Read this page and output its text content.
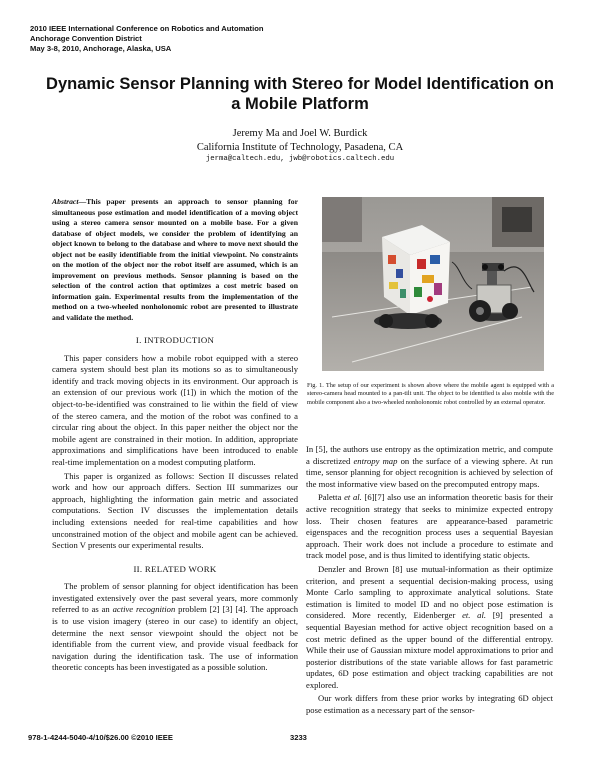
2010 IEEE International Conference on Robotics and Automation
Anchorage Convention District
May 3-8, 2010, Anchorage, Alaska, USA
Dynamic Sensor Planning with Stereo for Model Identification on a Mobile Platform
Jeremy Ma and Joel W. Burdick
California Institute of Technology, Pasadena, CA
jerma@caltech.edu, jwb@robotics.caltech.edu
Abstract—This paper presents an approach to sensor planning for simultaneous pose estimation and model identification of a moving object using a stereo camera sensor mounted on a mobile base. For a given database of object models, we consider the problem of identifying an object known to belong to the database and where to move next should the object not be easily identifiable from the initial viewpoint. No constraints on the motion of the object nor the robot itself are assumed, which is an improvement on previous methods. Sensor planning is based on the selection of the control action that optimizes a cost metric based on information gain. Experimental results from the implementation of the method on a two-wheeled nonholonomic robot are presented to illustrate and validate the method.
I. INTRODUCTION

This paper considers how a mobile robot equipped with a stereo camera system should best plan its motions so as to simultaneously identify and track moving objects in its environment. Our approach is an extension of our previous work ([1]) in which the motion of the object-to-be-identified was constrained to lie within the field of view of the stereo camera, and the motion of the robot was confined to a circular ring about the object. In this paper neither the object nor the mobile agent are constrained in their motion. In addition, appropriate approximations and simplifications have been introduced to enable real-time implementation on a modest computing platform.

This paper is organized as follows: Section II discusses related work and how our approach differs. Section III summarizes our approach, highlighting the information gain metric and associated computations. Section IV discusses the implementation details including extensions needed for real-time capabilities and how unconstrained motion of the object and mobile agent can be achieved. Section V presents our experimental results.

II. RELATED WORK

The problem of sensor planning for object identification has been investigated extensively over the past several years, more commonly referred to as an active recognition problem [2] [3] [4]. The approach is to use vision imagery (stereo in our case) to identify an object, determine the next sensor viewpoint should the object not be identifiable from the current view, and provide visual feedback for navigation during the identification task. The use of information theoretic concepts has been investigated as a possible solution.

Fig. 1. The setup of our experiment is shown above where the mobile agent is equipped with a stereo-camera head mounted to a pan-tilt unit. The object to be identified is also mobile with the mobile component also a two-wheeled nonholonomic robot controlled by an external operator.

In [5], the authors use entropy as the optimization metric, and compute a discretized entropy map on the surface of a viewing sphere. At run time, sensor planning for object recognition is achieved by selection of the most informative view based on the precomputed entropy maps.

Paletta et al. [6][7] also use an information theoretic basis for their active recognition strategy that seeks to minimize expected entropy loss. Their chosen features are appearance-based parametric eigenspaces and the recognition process uses a sequential Bayesian approach. Their work does not include a procedure to estimate and track model pose, and is thus limited to identifying static objects.

Denzler and Brown [8] use mutual-information as their optimize criterion, and present a sequential decision-making process, using Monte Carlo sampling to approximate analytical solutions. State estimation is limited to model ID and no object pose estimation is considered. More recently, Eidenberger et. al. [9] presented a sequential Bayesian method for active object recognition based on a cost metric defined as the upper bound of the differential entropy. While their use of Gaussian mixture model approximations to prior and posterior distributions of the state variable allows for fast parametric updates, 6D pose estimation and object tracking capabilities are not explored.

Our work differs from these prior works by integrating 6D object pose estimation as a necessary part of the sensor-

978-1-4244-5040-4/10/$26.00 ©2010 IEEE	3233
